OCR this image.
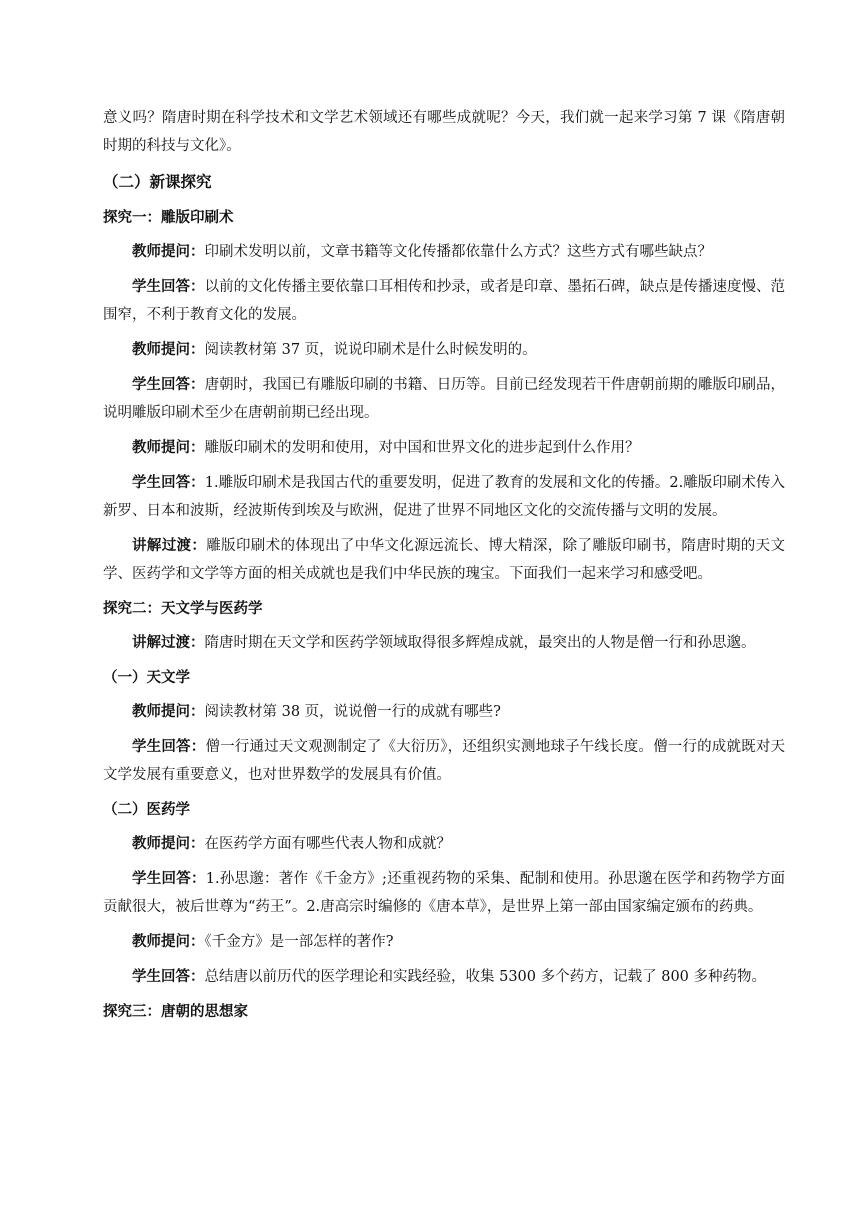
意义吗？隋唐时期在科学技术和文学艺术领域还有哪些成就呢？今天，我们就一起来学习第 7 课《隋唐朝时期的科技与文化》。

（二）新课探究
探究一：雕版印刷术

教师提问：印刷术发明以前，文章书籍等文化传播都依靠什么方式？这些方式有哪些缺点？

学生回答：以前的文化传播主要依靠口耳相传和抄录，或者是印章、墨拓石碑，缺点是传播速度慢、范围窄，不利于教育文化的发展。

教师提问：阅读教材第 37 页，说说印刷术是什么时候发明的。

学生回答：唐朝时，我国已有雕版印刷的书籍、日历等。目前已经发现若干件唐朝前期的雕版印刷品，说明雕版印刷术至少在唐朝前期已经出现。

教师提问：雕版印刷术的发明和使用，对中国和世界文化的进步起到什么作用？

学生回答：1.雕版印刷术是我国古代的重要发明，促进了教育的发展和文化的传播。2.雕版印刷术传入新罗、日本和波斯，经波斯传到埃及与欧洲，促进了世界不同地区文化的交流传播与文明的发展。

讲解过渡：雕版印刷术的体现出了中华文化源远流长、博大精深，除了雕版印刷书，隋唐时期的天文学、医药学和文学等方面的相关成就也是我们中华民族的瑰宝。下面我们一起来学习和感受吧。

探究二：天文学与医药学

讲解过渡：隋唐时期在天文学和医药学领域取得很多辉煌成就，最突出的人物是僧一行和孙思邈。

（一）天文学

教师提问：阅读教材第 38 页，说说僧一行的成就有哪些?

学生回答：僧一行通过天文观测制定了《大衍历》，还组织实测地球子午线长度。僧一行的成就既对天文学发展有重要意义，也对世界数学的发展具有价值。

（二）医药学

教师提问：在医药学方面有哪些代表人物和成就？

学生回答：1.孙思邈：著作《千金方》;还重视药物的采集、配制和使用。孙思邈在医学和药物学方面贡献很大，被后世尊为“药王”。2.唐高宗时编修的《唐本草》，是世界上第一部由国家编定颁布的药典。

教师提问：《千金方》是一部怎样的著作?

学生回答：总结唐以前历代的医学理论和实践经验，收集 5300 多个药方，记载了 800 多种药物。

探究三：唐朝的思想家
